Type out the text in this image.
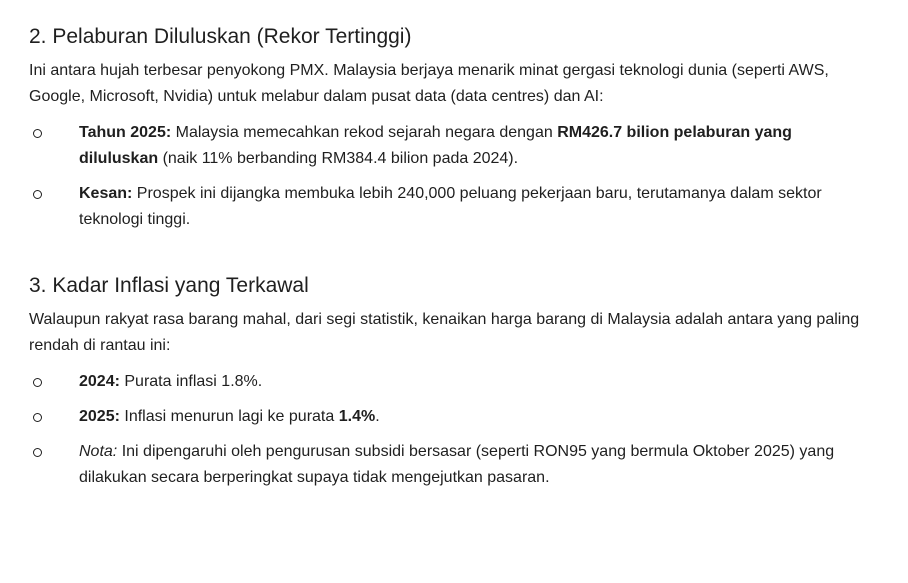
2. Pelaburan Diluluskan (Rekor Tertinggi)

Ini antara hujah terbesar penyokong PMX. Malaysia berjaya menarik minat gergasi teknologi dunia (seperti AWS, Google, Microsoft, Nvidia) untuk melabur dalam pusat data (data centres) dan AI:

Tahun 2025: Malaysia memecahkan rekod sejarah negara dengan RM426.7 bilion pelaburan yang diluluskan (naik 11% berbanding RM384.4 bilion pada 2024).
Kesan: Prospek ini dijangka membuka lebih 240,000 peluang pekerjaan baru, terutamanya dalam sektor teknologi tinggi.
3. Kadar Inflasi yang Terkawal

Walaupun rakyat rasa barang mahal, dari segi statistik, kenaikan harga barang di Malaysia adalah antara yang paling rendah di rantau ini:

2024: Purata inflasi 1.8%.
2025: Inflasi menurun lagi ke purata 1.4%.
Nota: Ini dipengaruhi oleh pengurusan subsidi bersasar (seperti RON95 yang bermula Oktober 2025) yang dilakukan secara berperingkat supaya tidak mengejutkan pasaran.
